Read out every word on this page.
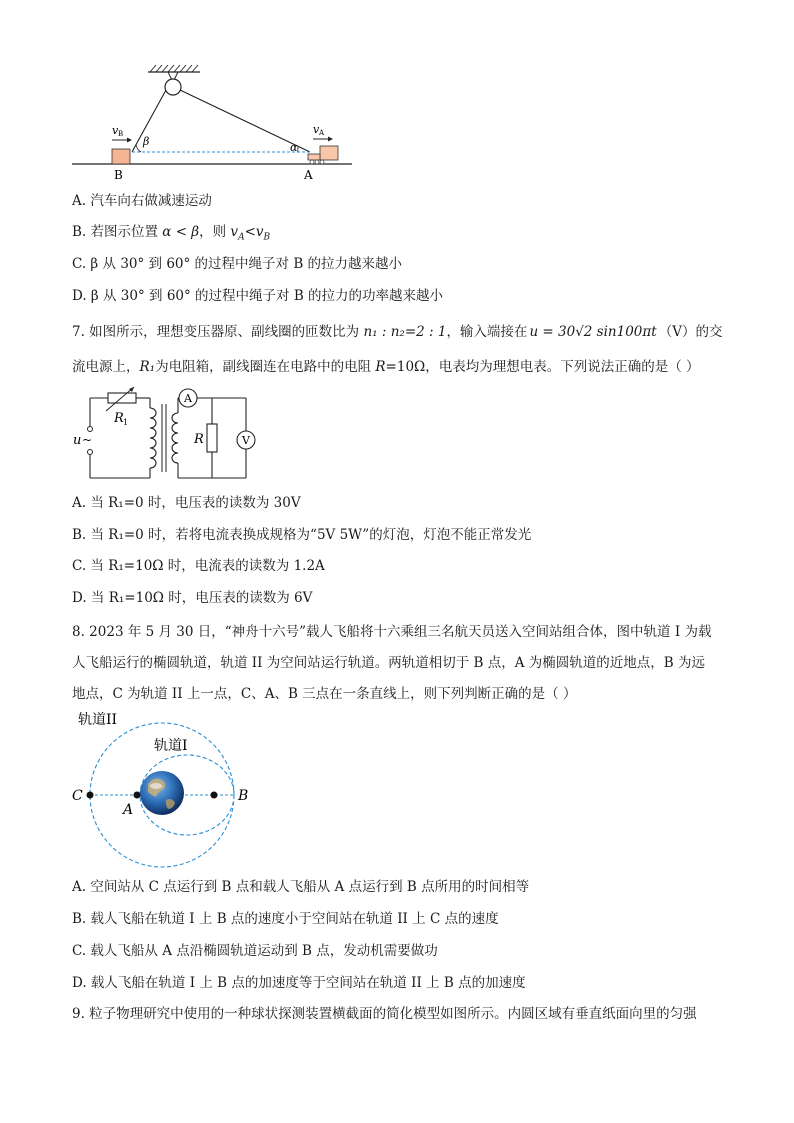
v B	v A
β	α
B	A
A. 汽车向右做减速运动
B. 若图示位置 α < β，则 $v_A<v_B$
C. β 从 30° 到 60° 的过程中绳子对 B 的拉力越来越小
D. β 从 30° 到 60° 的过程中绳子对 B 的拉力的功率越来越小
7. 如图所示，理想变压器原、副线圈的匝数比为 n₁ : n₂=2 : 1，输入端接在 u = 30√2 sin100πt （V）的交
流电源上，R₁为电阻箱，副线圈连在电路中的电阻 R=10Ω，电表均为理想电表。下列说法正确的是（ ）
R 1
u ~	R
A
V
A. 当 R₁=0 时，电压表的读数为 30V
B. 当 R₁=0 时，若将电流表换成规格为“5V 5W”的灯泡，灯泡不能正常发光
C. 当 R₁=10Ω 时，电流表的读数为 1.2A
D. 当 R₁=10Ω 时，电压表的读数为 6V
8. 2023 年 5 月 30 日，“神舟十六号”载人飞船将十六乘组三名航天员送入空间站组合体，图中轨道 I 为载
人飞船运行的椭圆轨道，轨道 II 为空间站运行轨道。两轨道相切于 B 点，A 为椭圆轨道的近地点，B 为远
地点，C 为轨道 II 上一点，C、A、B 三点在一条直线上，则下列判断正确的是（ ）
轨道II
轨道I
C
A
B
A. 空间站从 C 点运行到 B 点和载人飞船从 A 点运行到 B 点所用的时间相等
B. 载人飞船在轨道 I 上 B 点的速度小于空间站在轨道 II 上 C 点的速度
C. 载人飞船从 A 点沿椭圆轨道运动到 B 点，发动机需要做功
D. 载人飞船在轨道 I 上 B 点的加速度等于空间站在轨道 II 上 B 点的加速度
9. 粒子物理研究中使用的一种球状探测装置横截面的简化模型如图所示。内圆区域有垂直纸面向里的匀强
